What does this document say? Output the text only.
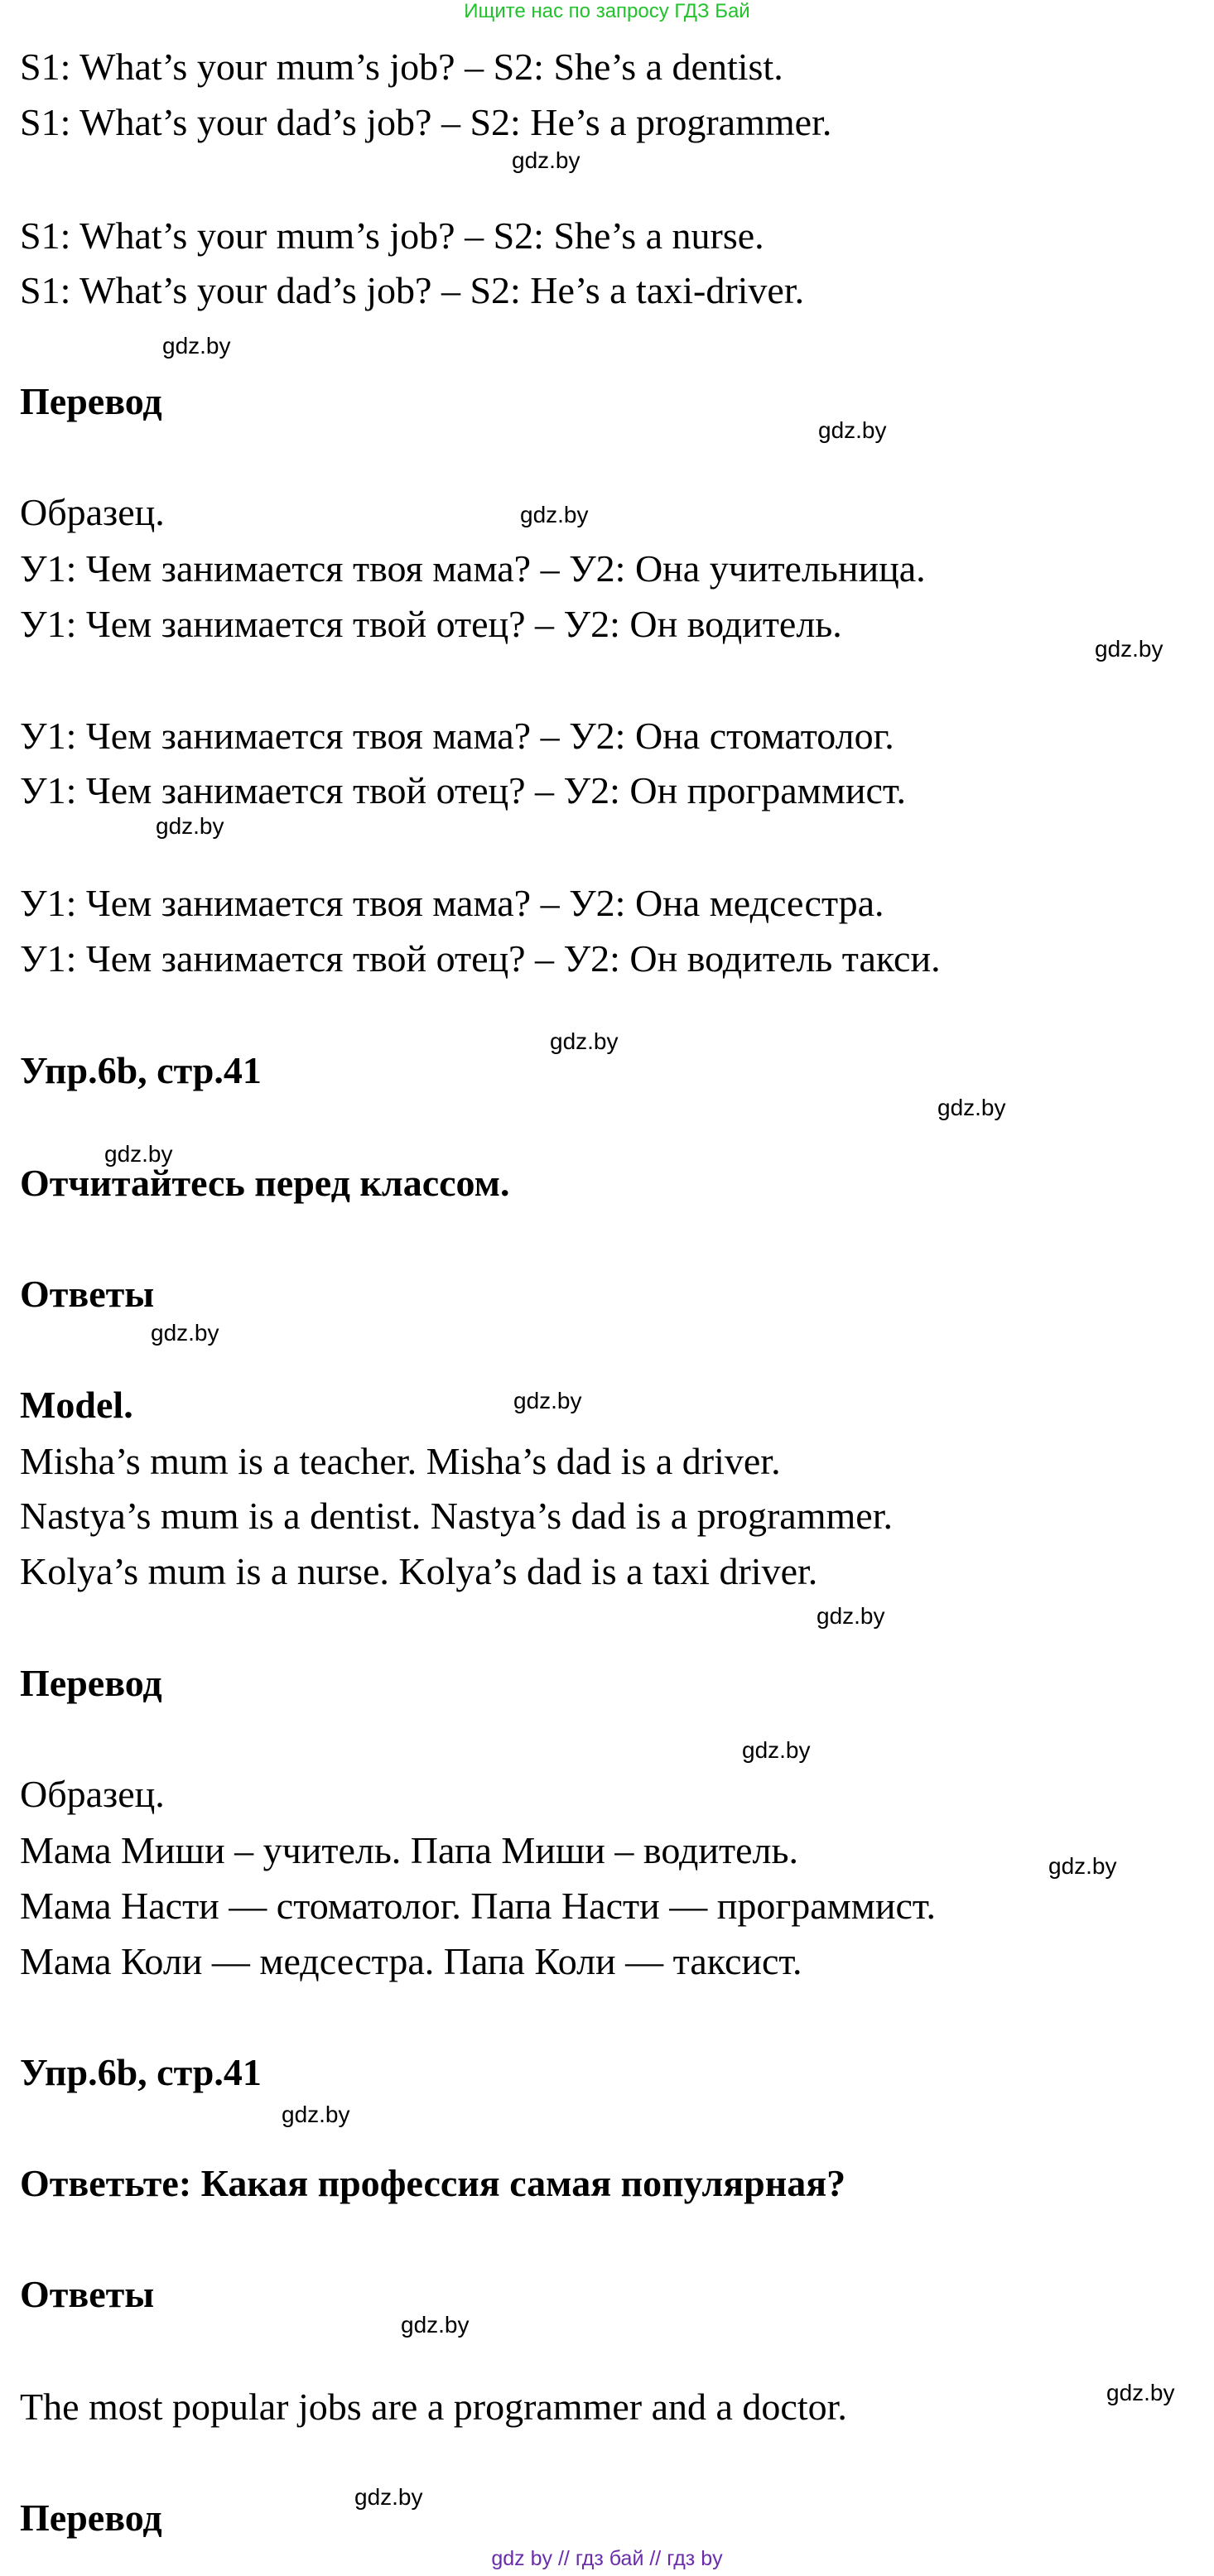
Ищите нас по запросу ГДЗ Бай
S1: What’s your mum’s job? – S2: She’s a dentist.
S1: What’s your dad’s job? – S2: He’s a programmer.
S1: What’s your mum’s job? – S2: She’s a nurse.
S1: What’s your dad’s job? – S2: He’s a taxi-driver.
Перевод
Образец.
У1: Чем занимается твоя мама? – У2: Она учительница.
У1: Чем занимается твой отец? – У2: Он водитель.
У1: Чем занимается твоя мама? – У2: Она стоматолог.
У1: Чем занимается твой отец? – У2: Он программист.
У1: Чем занимается твоя мама? – У2: Она медсестра.
У1: Чем занимается твой отец? – У2: Он водитель такси.
Упр.6b, стр.41
Отчитайтесь перед классом.
Ответы
Model.
Misha’s mum is a teacher. Misha’s dad is a driver.
Nastya’s mum is a dentist. Nastya’s dad is a programmer.
Kolya’s mum is a nurse. Kolya’s dad is a taxi driver.
Перевод
Образец.
Мама Миши – учитель. Папа Миши – водитель.
Мама Насти — стоматолог. Папа Насти — программист.
Мама Коли — медсестра. Папа Коли — таксист.
Упр.6b, стр.41
Ответьте: Какая профессия самая популярная?
Ответы
The most popular jobs are a programmer and a doctor.
Перевод
gdz.by
gdz.by
gdz.by
gdz.by
gdz.by
gdz.by
gdz.by
gdz.by
gdz.by
gdz.by
gdz.by
gdz.by
gdz.by
gdz.by
gdz.by
gdz.by
gdz.by
gdz.by
gdz by // гдз бай // гдз by
